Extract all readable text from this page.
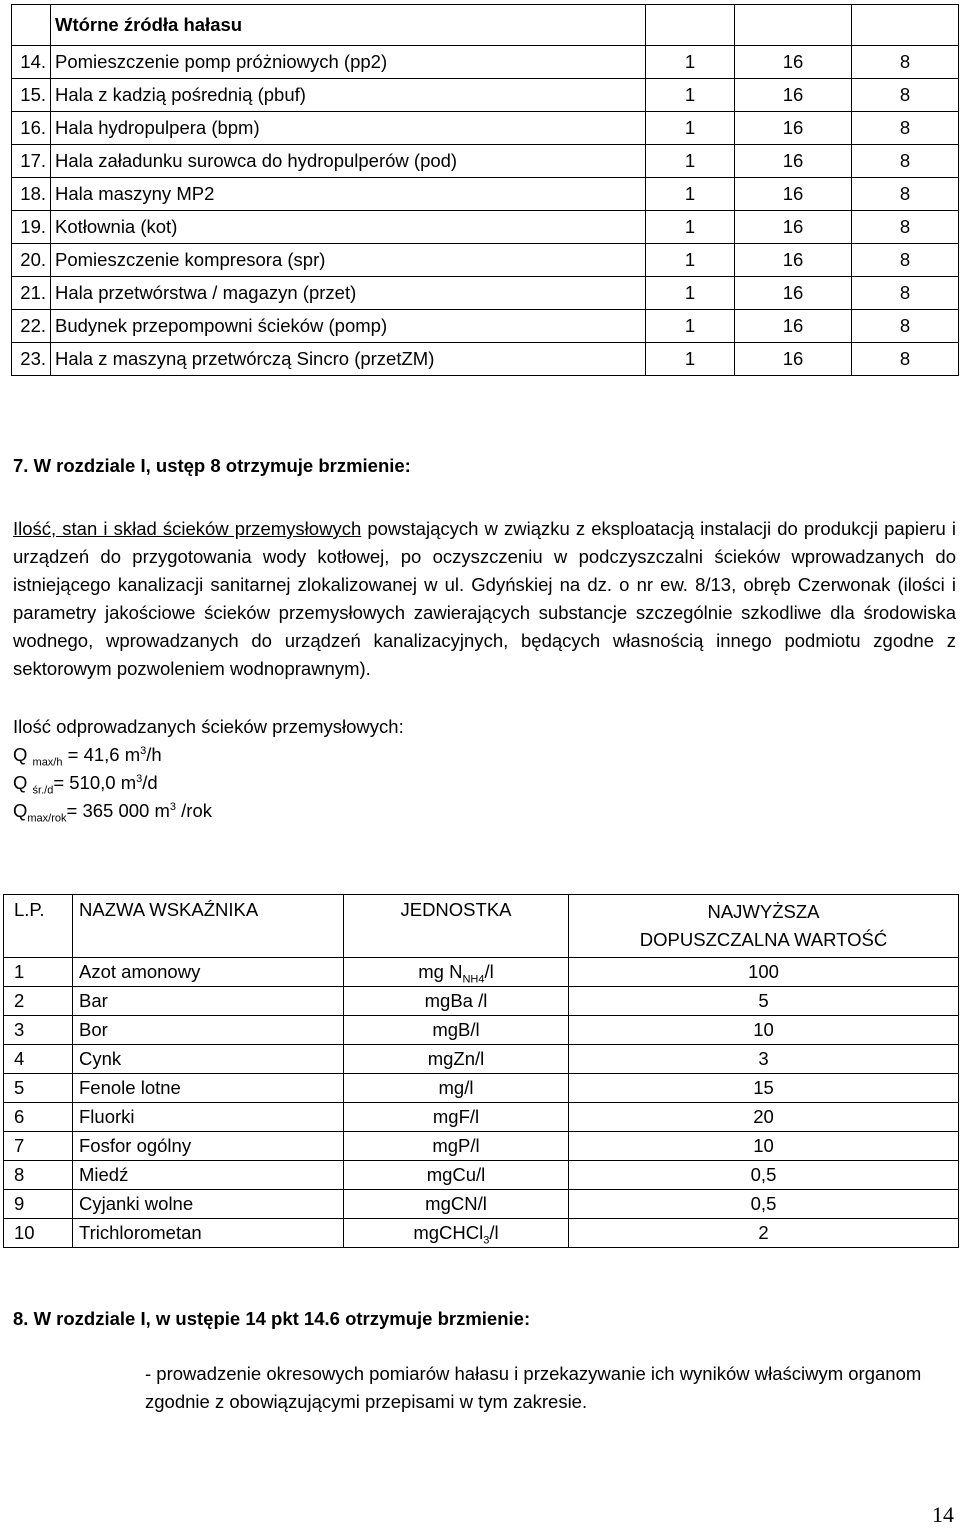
	Wtórne źródła hałasu			
14.	Pomieszczenie pomp próżniowych (pp2)	1	16	8
15.	Hala z kadzią pośrednią (pbuf)	1	16	8
16.	Hala hydropulpera (bpm)	1	16	8
17.	Hala załadunku surowca do hydropulperów (pod)	1	16	8
18.	Hala maszyny MP2	1	16	8
19.	Kotłownia (kot)	1	16	8
20.	Pomieszczenie kompresora (spr)	1	16	8
21.	Hala przetwórstwa / magazyn (przet)	1	16	8
22.	Budynek przepompowni ścieków (pomp)	1	16	8
23.	Hala z maszyną przetwórczą Sincro (przetZM)	1	16	8
7. W rozdziale I, ustęp 8 otrzymuje brzmienie:
Ilość, stan i skład ścieków przemysłowych powstających w związku z eksploatacją instalacji do produkcji papieru i urządzeń do przygotowania wody kotłowej, po oczyszczeniu w podczyszczalni ścieków wprowadzanych do istniejącego kanalizacji sanitarnej zlokalizowanej w ul. Gdyńskiej na dz. o nr ew. 8/13, obręb Czerwonak (ilości i parametry jakościowe ścieków przemysłowych zawierających substancje szczególnie szkodliwe dla środowiska wodnego, wprowadzanych do urządzeń kanalizacyjnych, będących własnością innego podmiotu zgodne z sektorowym pozwoleniem wodnoprawnym).
Ilość odprowadzanych ścieków przemysłowych:
Q $_{max/h}$ = 41,6 $m^3/h$
Q $_{śr./d}$= 510,0 $m^3/d$
$Q_{max/rok}= 365$ 000 $m^3$ /rok
L.P.	NAZWA WSKAŹNIKA	JEDNOSTKA	NAJWYŻSZA
DOPUSZCZALNA WARTOŚĆ

1	Azot amonowy	mg $N_{NH4}/l$	100
2	Bar	mgBa /l	5
3	Bor	mgB/l	10
4	Cynk	mgZn/l	3
5	Fenole lotne	mg/l	15
6	Fluorki	mgF/l	20
7	Fosfor ogólny	mgP/l	10
8	Miedź	mgCu/l	0,5
9	Cyjanki wolne	mgCN/l	0,5
10	Trichlorometan	mgCHCl$_3$/l	2
8. W rozdziale I, w ustępie 14 pkt 14.6 otrzymuje brzmienie:
- prowadzenie okresowych pomiarów hałasu i przekazywanie ich wyników właściwym organom zgodnie z obowiązującymi przepisami w tym zakresie.
14
